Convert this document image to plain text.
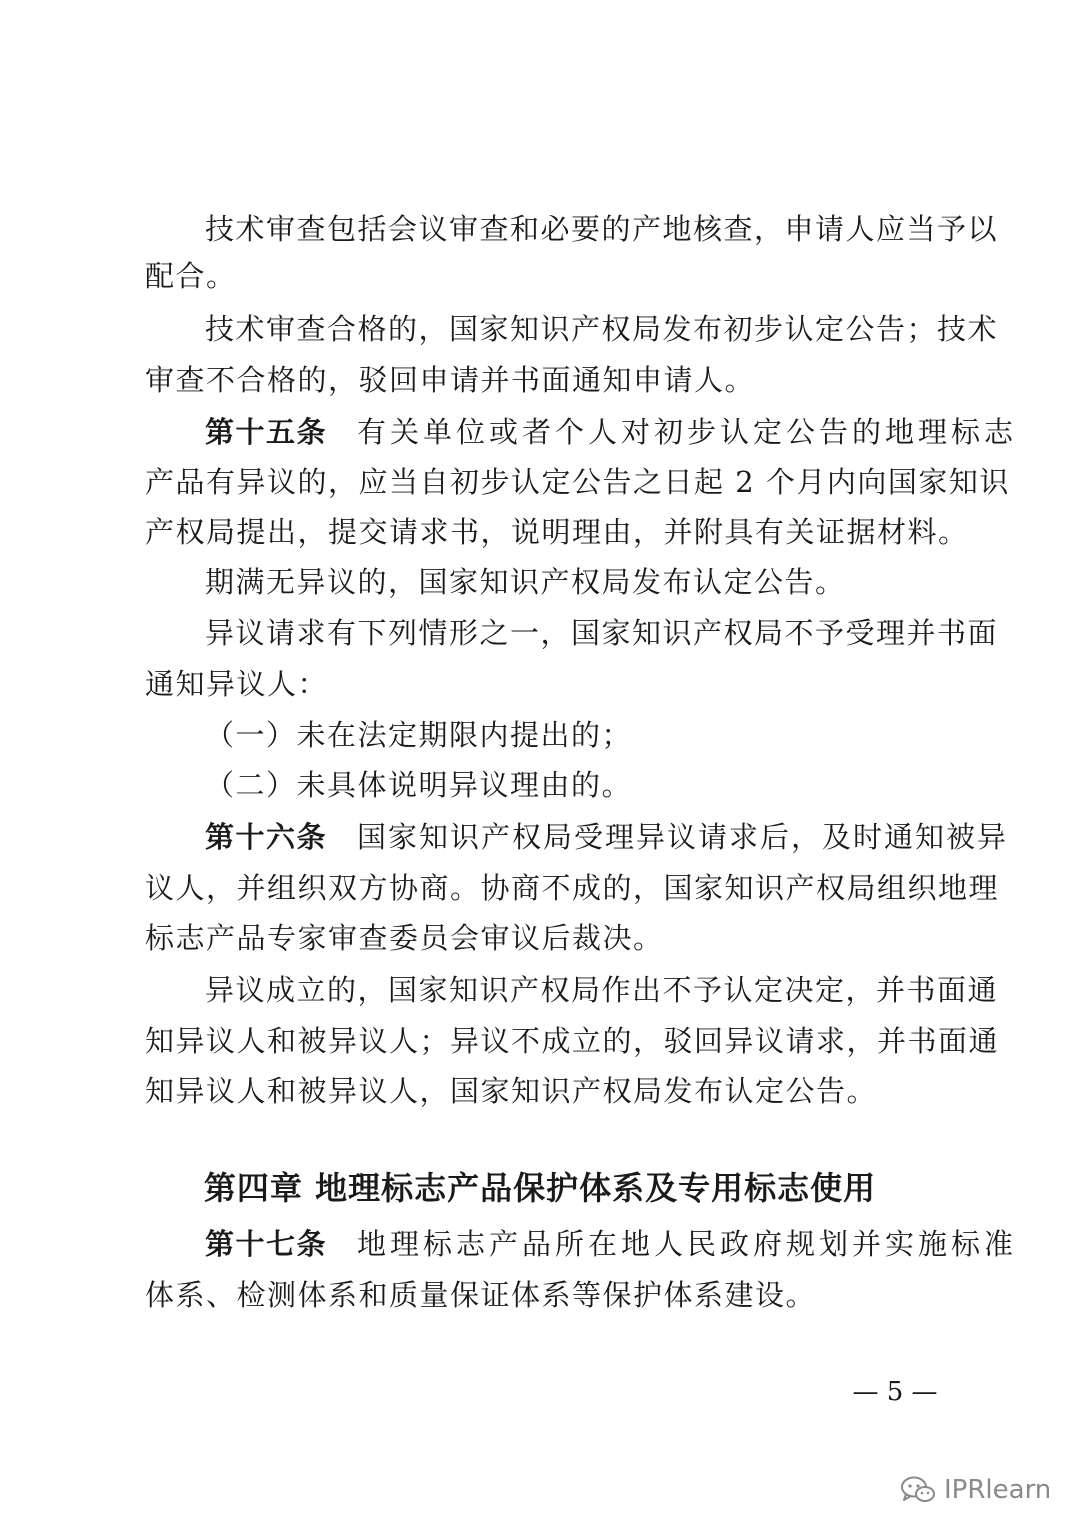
技术审查包括会议审查和必要的产地核查，申请人应当予以
配合。
技术审查合格的，国家知识产权局发布初步认定公告；技术
审查不合格的，驳回申请并书面通知申请人。
第十五条 有关单位或者个人对初步认定公告的地理标志
产品有异议的，应当自初步认定公告之日起 2 个月内向国家知识
产权局提出，提交请求书，说明理由，并附具有关证据材料。
期满无异议的，国家知识产权局发布认定公告。
异议请求有下列情形之一，国家知识产权局不予受理并书面
通知异议人：
（一）未在法定期限内提出的；
（二）未具体说明异议理由的。
第十六条 国家知识产权局受理异议请求后，及时通知被异
议人，并组织双方协商。协商不成的，国家知识产权局组织地理
标志产品专家审查委员会审议后裁决。
异议成立的，国家知识产权局作出不予认定决定，并书面通
知异议人和被异议人；异议不成立的，驳回异议请求，并书面通
知异议人和被异议人，国家知识产权局发布认定公告。
第四章 地理标志产品保护体系及专用标志使用
第十七条 地理标志产品所在地人民政府规划并实施标准
体系、检测体系和质量保证体系等保护体系建设。
— 5 —
IPRlearn
